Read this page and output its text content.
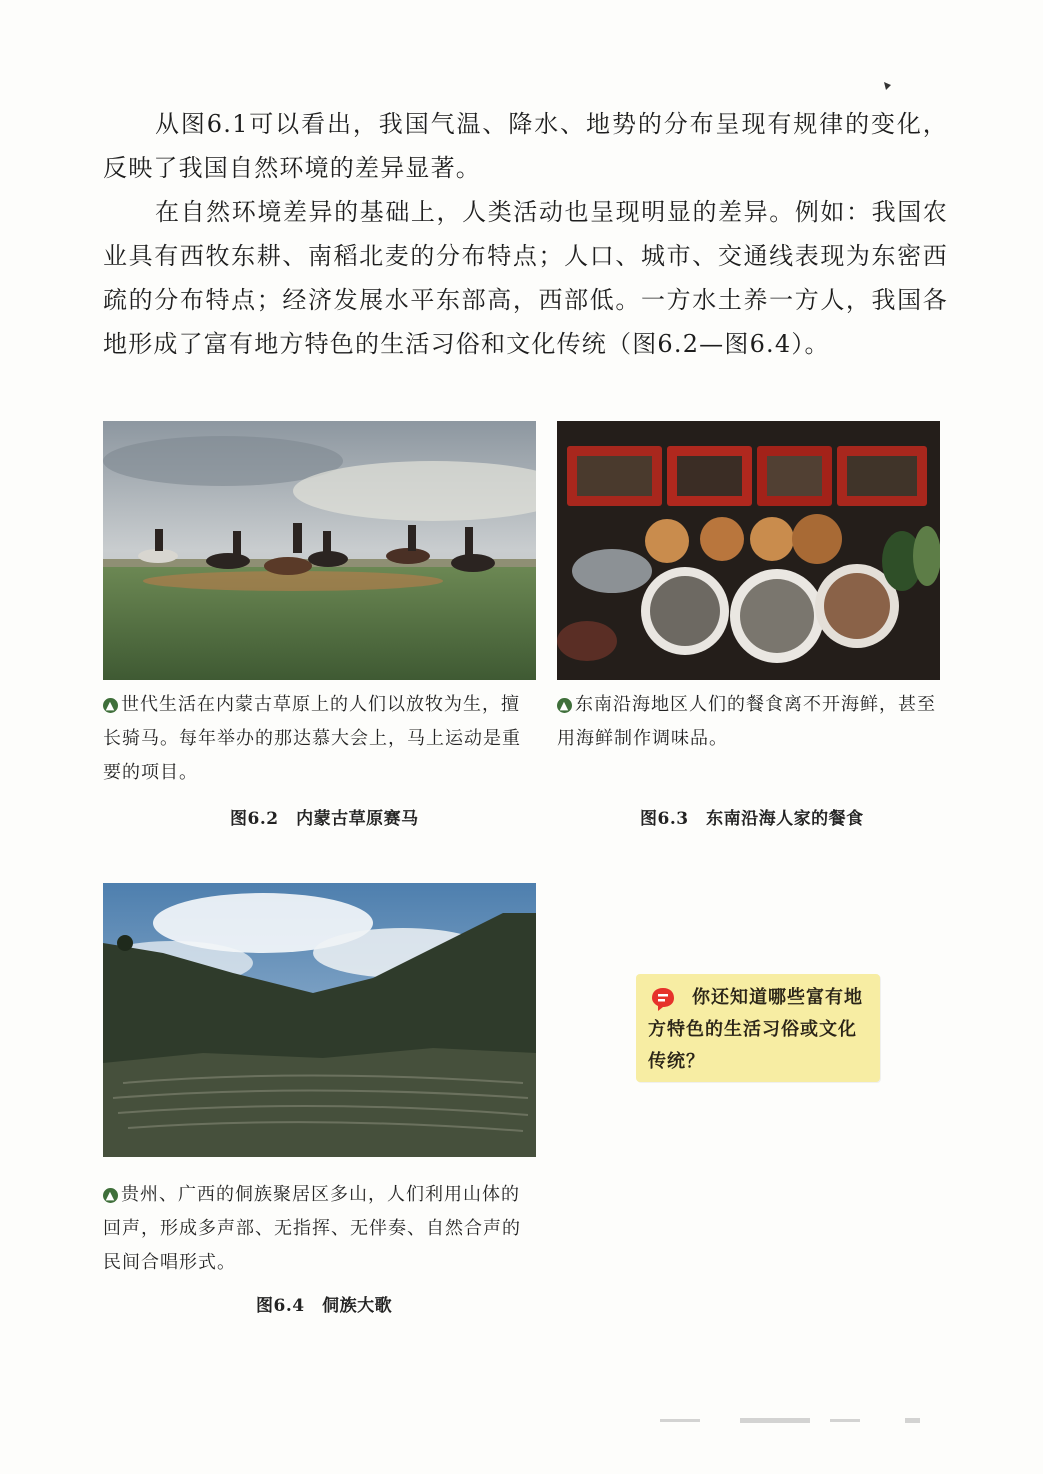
从图6.1可以看出，我国气温、降水、地势的分布呈现有规律的变化，反映了我国自然环境的差异显著。

在自然环境差异的基础上，人类活动也呈现明显的差异。例如：我国农业具有西牧东耕、南稻北麦的分布特点；人口、城市、交通线表现为东密西疏的分布特点；经济发展水平东部高，西部低。一方水土养一方人，我国各地形成了富有地方特色的生活习俗和文化传统（图6.2—图6.4）。

▲ 世代生活在内蒙古草原上的人们以放牧为生，擅长骑马。每年举办的那达慕大会上，马上运动是重要的项目。
图6.2　内蒙古草原赛马
▲ 东南沿海地区人们的餐食离不开海鲜，甚至用海鲜制作调味品。
图6.3　东南沿海人家的餐食
▲ 贵州、广西的侗族聚居区多山，人们利用山体的回声，形成多声部、无指挥、无伴奏、自然合声的民间合唱形式。
图6.4　侗族大歌
你还知道哪些富有地方特色的生活习俗或文化传统？
